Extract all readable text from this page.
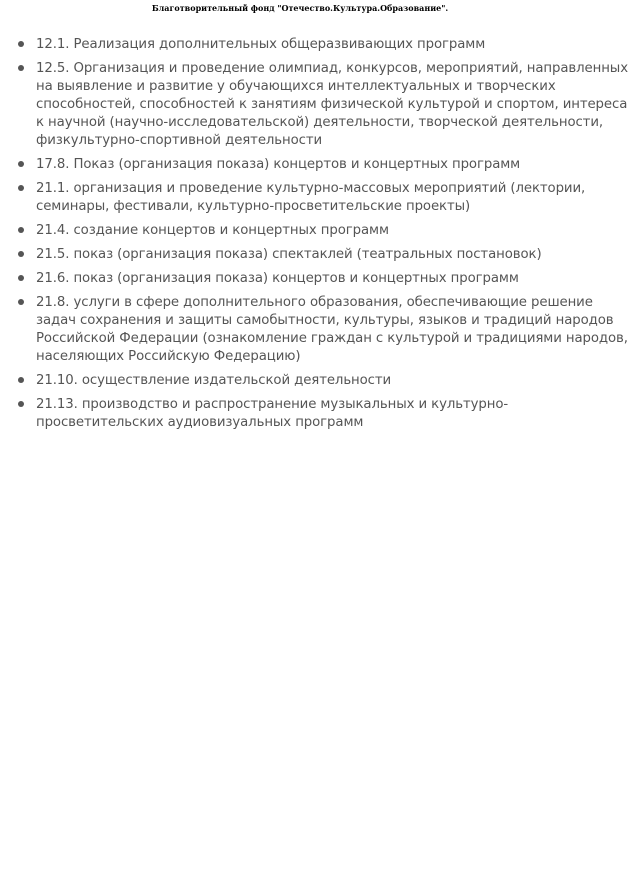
Благотворительный фонд "Отечество.Культура.Образование".
12.1. Реализация дополнительных общеразвивающих программ
12.5. Организация и проведение олимпиад, конкурсов, мероприятий, направленных на выявление и развитие у обучающихся интеллектуальных и творческих способностей, способностей к занятиям физической культурой и спортом, интереса к научной (научно-исследовательской) деятельности, творческой деятельности, физкультурно-спортивной деятельности
17.8. Показ (организация показа) концертов и концертных программ
21.1. организация и проведение культурно-массовых мероприятий (лектории, семинары, фестивали, культурно-просветительские проекты)
21.4. создание концертов и концертных программ
21.5. показ (организация показа) спектаклей (театральных постановок)
21.6. показ (организация показа) концертов и концертных программ
21.8. услуги в сфере дополнительного образования, обеспечивающие решение задач сохранения и защиты самобытности, культуры, языков и традиций народов Российской Федерации (ознакомление граждан с культурой и традициями народов, населяющих Российскую Федерацию)
21.10. осуществление издательской деятельности
21.13. производство и распространение музыкальных и культурно-просветительских аудиовизуальных программ
